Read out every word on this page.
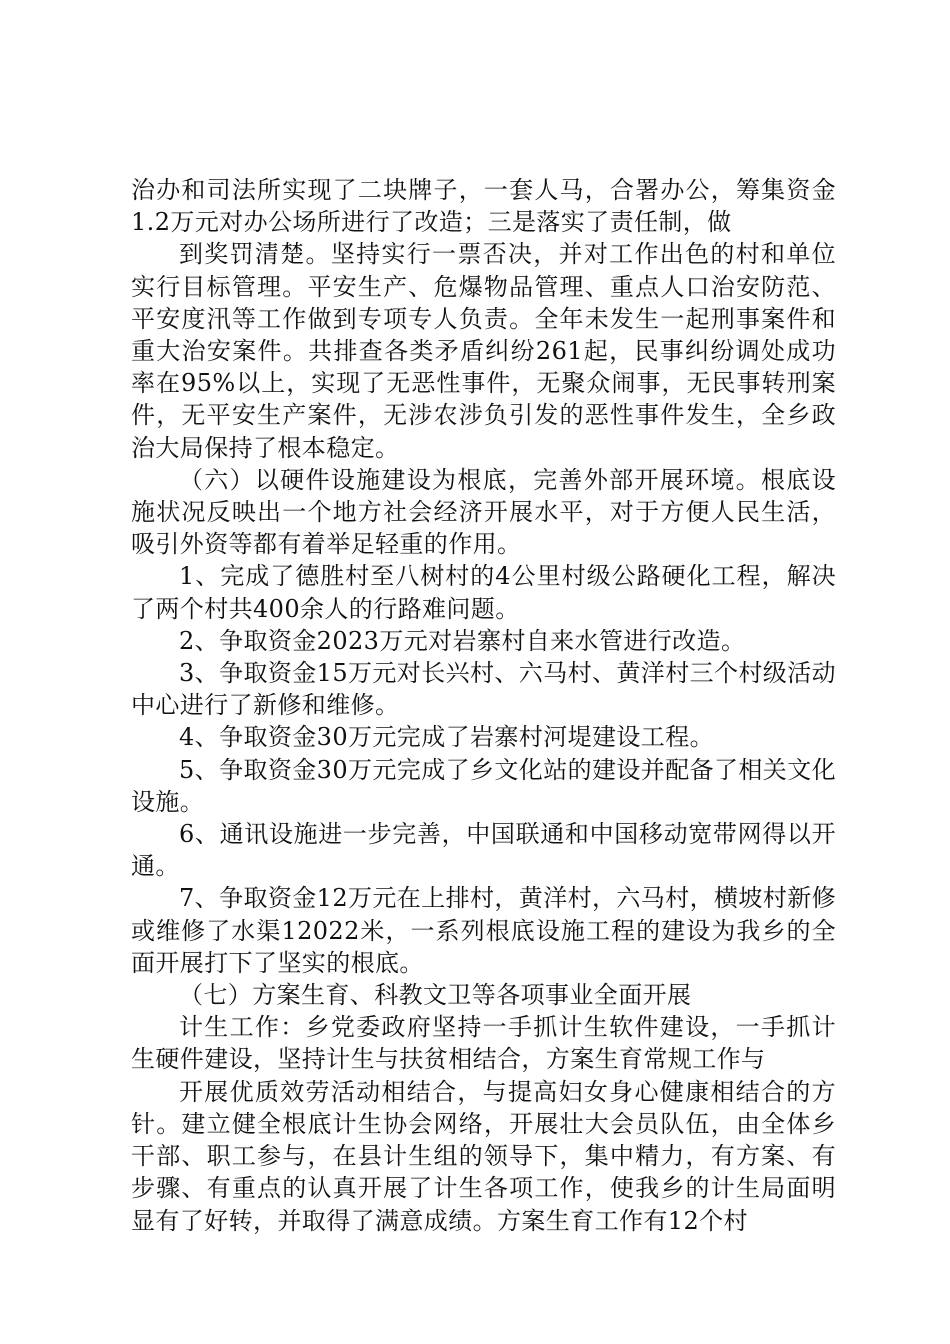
治办和司法所实现了二块牌子，一套人马，合署办公，筹集资金1.2万元对办公场所进行了改造；三是落实了责任制，做

到奖罚清楚。坚持实行一票否决，并对工作出色的村和单位实行目标管理。平安生产、危爆物品管理、重点人口治安防范、平安度汛等工作做到专项专人负责。全年未发生一起刑事案件和重大治安案件。共排查各类矛盾纠纷261起，民事纠纷调处成功率在95%以上，实现了无恶性事件，无聚众闹事，无民事转刑案件，无平安生产案件，无涉农涉负引发的恶性事件发生，全乡政治大局保持了根本稳定。

（六）以硬件设施建设为根底，完善外部开展环境。根底设施状况反映出一个地方社会经济开展水平，对于方便人民生活，吸引外资等都有着举足轻重的作用。

1、完成了德胜村至八树村的4公里村级公路硬化工程，解决了两个村共400余人的行路难问题。

2、争取资金2023万元对岩寨村自来水管进行改造。

3、争取资金15万元对长兴村、六马村、黄洋村三个村级活动中心进行了新修和维修。

4、争取资金30万元完成了岩寨村河堤建设工程。

5、争取资金30万元完成了乡文化站的建设并配备了相关文化设施。

6、通讯设施进一步完善，中国联通和中国移动宽带网得以开通。

7、争取资金12万元在上排村，黄洋村，六马村，横坡村新修或维修了水渠12022米，一系列根底设施工程的建设为我乡的全面开展打下了坚实的根底。

（七）方案生育、科教文卫等各项事业全面开展

计生工作：乡党委政府坚持一手抓计生软件建设，一手抓计生硬件建设，坚持计生与扶贫相结合，方案生育常规工作与

开展优质效劳活动相结合，与提高妇女身心健康相结合的方针。建立健全根底计生协会网络，开展壮大会员队伍，由全体乡干部、职工参与，在县计生组的领导下，集中精力，有方案、有步骤、有重点的认真开展了计生各项工作，使我乡的计生局面明显有了好转，并取得了满意成绩。方案生育工作有12个村
